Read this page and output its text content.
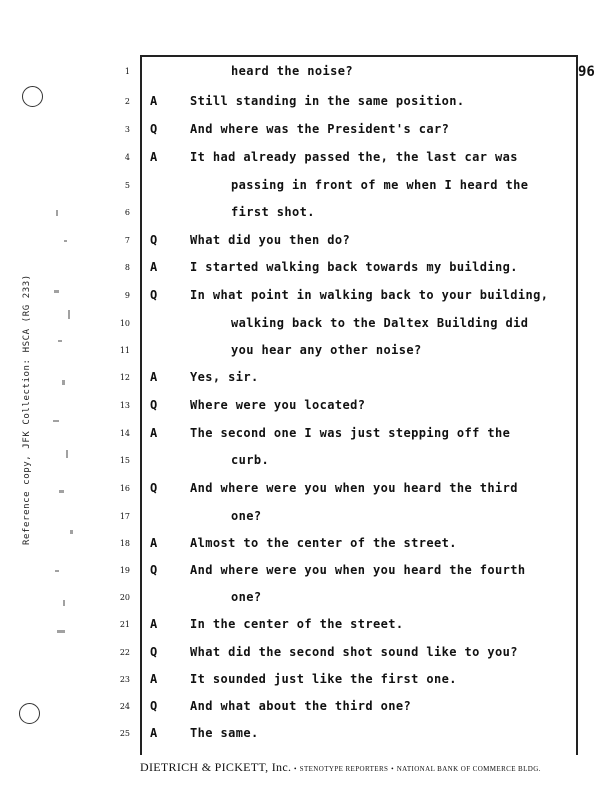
Reference copy, JFK Collection: HSCA (RG 233)
96
1	heard the noise?
2 A	Still standing in the same position.
3 Q	And where was the President's car?
4 A	It had already passed the, the last car was
5	passing in front of me when I heard the
6	first shot.
7 Q	What did you then do?
8 A	I started walking back towards my building.
9 Q	In what point in walking back to your building,
10	walking back to the Daltex Building did
11	you hear any other noise?
12 A	Yes, sir.
13 Q	Where were you located?
14 A	The second one I was just stepping off the
15	curb.
16 Q	And where were you when you heard the third
17	one?
18 A	Almost to the center of the street.
19 Q	And where were you when you heard the fourth
20	one?
21 A	In the center of the street.
22 Q	What did the second shot sound like to you?
23 A	It sounded just like the first one.
24 Q	And what about the third one?
25 A	The same.
DIETRICH & PICKETT, Inc. • STENOTYPE REPORTERS • NATIONAL BANK OF COMMERCE BLDG.
